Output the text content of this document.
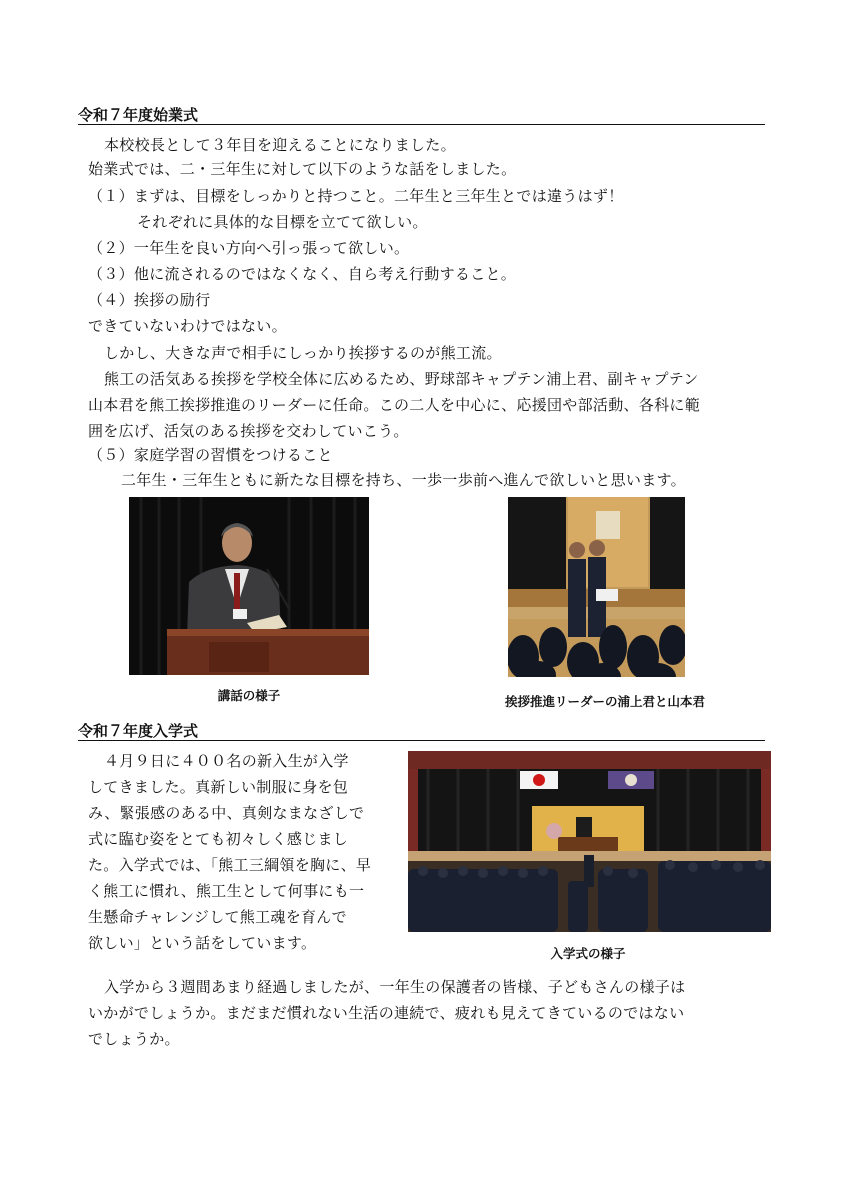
令和７年度始業式
本校校長として３年目を迎えることになりました。
始業式では、二・三年生に対して以下のような話をしました。
（１）まずは、目標をしっかりと持つこと。二年生と三年生とでは違うはず！
それぞれに具体的な目標を立てて欲しい。
（２）一年生を良い方向へ引っ張って欲しい。
（３）他に流されるのではなくなく、自ら考え行動すること。
（４）挨拶の励行
できていないわけではない。
しかし、大きな声で相手にしっかり挨拶するのが熊工流。
熊工の活気ある挨拶を学校全体に広めるため、野球部キャプテン浦上君、副キャプテン
山本君を熊工挨拶推進のリーダーに任命。この二人を中心に、応援団や部活動、各科に範
囲を広げ、活気のある挨拶を交わしていこう。
（５）家庭学習の習慣をつけること
二年生・三年生ともに新たな目標を持ち、一歩一歩前へ進んで欲しいと思います。
講話の様子	挨拶推進リーダーの浦上君と山本君
令和７年度入学式
４月９日に４００名の新入生が入学
してきました。真新しい制服に身を包
み、緊張感のある中、真剣なまなざしで
式に臨む姿をとても初々しく感じまし
た。入学式では、「熊工三綱領を胸に、早
く熊工に慣れ、熊工生として何事にも一
生懸命チャレンジして熊工魂を育んで
欲しい」という話をしています。
入学式の様子
入学から３週間あまり経過しましたが、一年生の保護者の皆様、子どもさんの様子は
いかがでしょうか。まだまだ慣れない生活の連続で、疲れも見えてきているのではない
でしょうか。
